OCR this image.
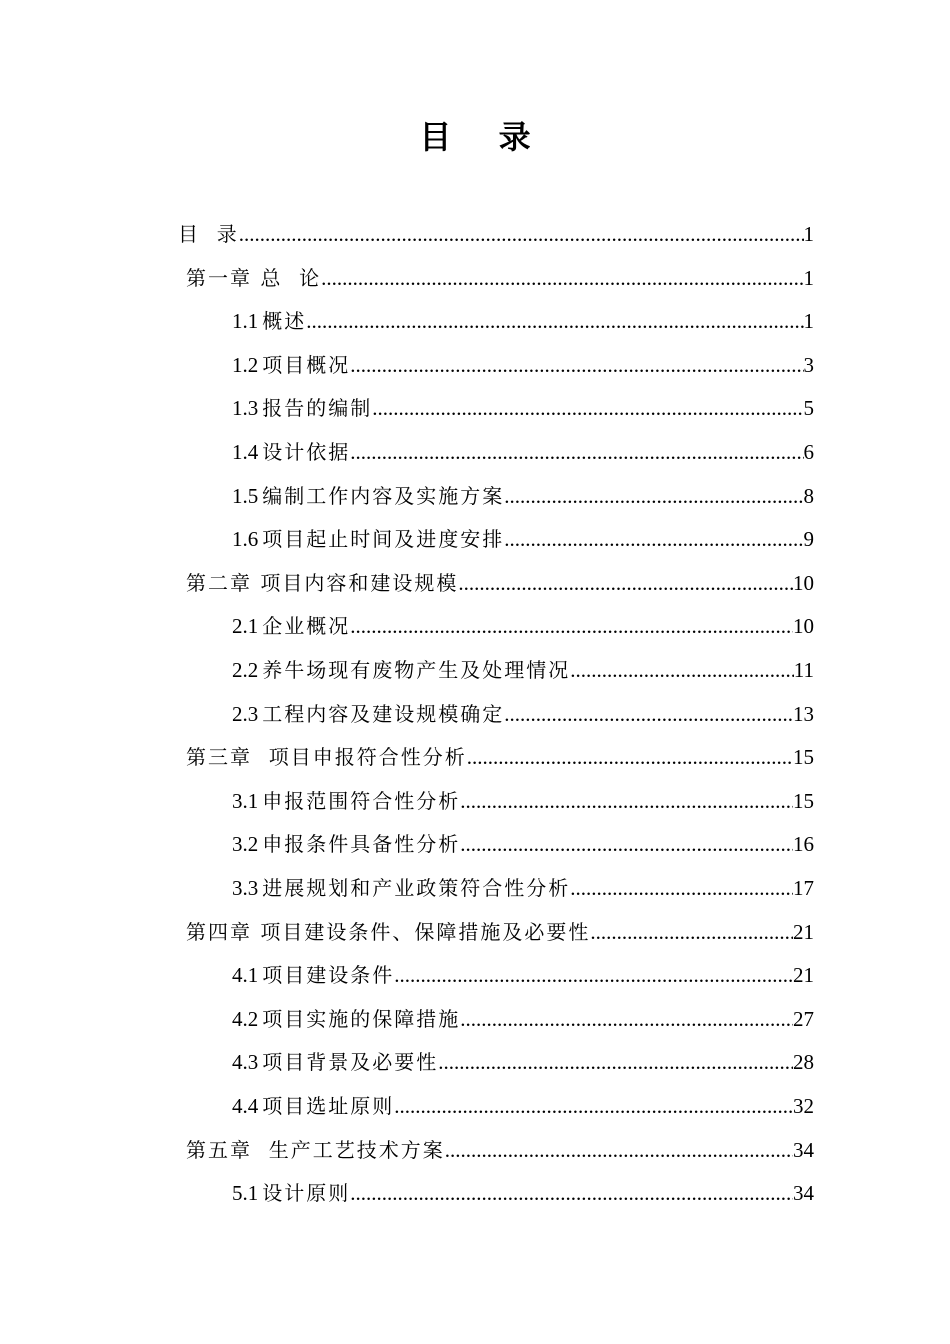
目 录
目  录 .....	1
第一章 总  论 .....	1
1.1 概述 .....	1
1.2 项目概况 .....	3
1.3 报告的编制 .....	5
1.4 设计依据 .....	6
1.5 编制工作内容及实施方案 .....	8
1.6 项目起止时间及进度安排 .....	9
第二章 项目内容和建设规模 .....	10
2.1 企业概况 .....	10
2.2 养牛场现有废物产生及处理情况 .....	11
2.3 工程内容及建设规模确定 .....	13
第三章  项目申报符合性分析 .....	15
3.1 申报范围符合性分析 .....	15
3.2 申报条件具备性分析 .....	16
3.3 进展规划和产业政策符合性分析 .....	17
第四章 项目建设条件、保障措施及必要性 .....	21
4.1 项目建设条件 .....	21
4.2 项目实施的保障措施 .....	27
4.3 项目背景及必要性 .....	28
4.4 项目选址原则 .....	32
第五章  生产工艺技术方案 .....	34
5.1 设计原则 .....	34
